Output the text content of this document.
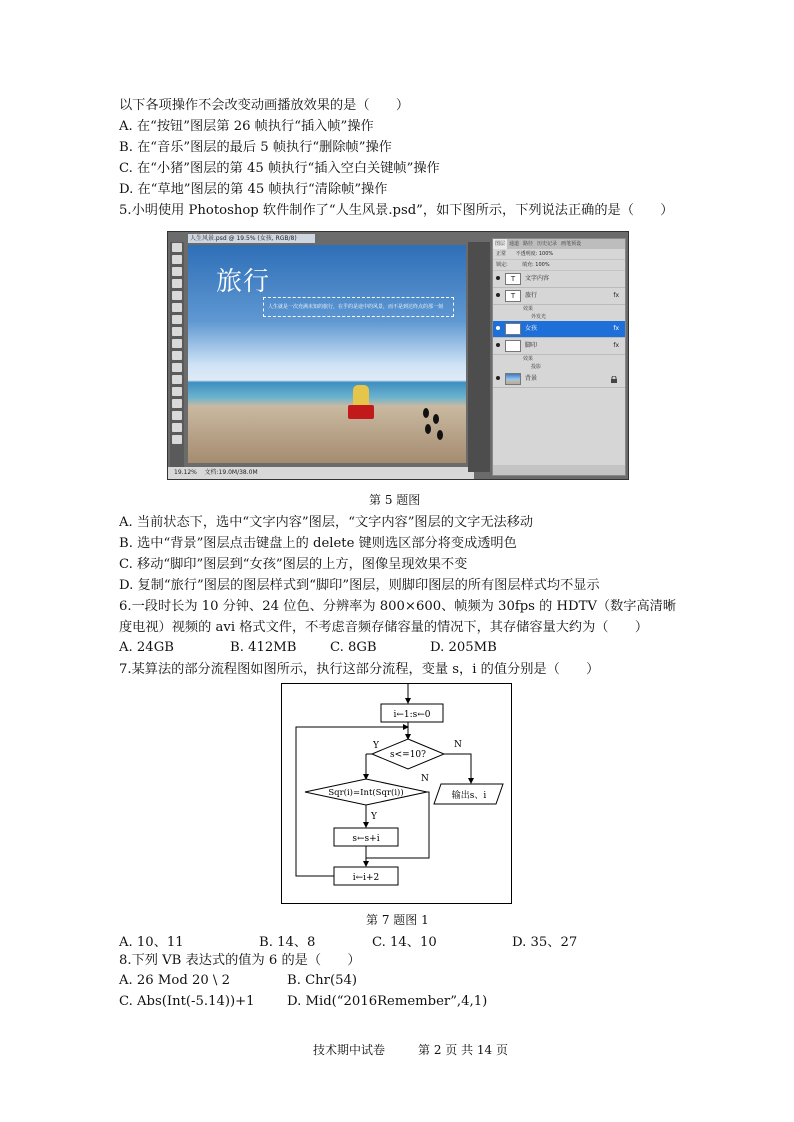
以下各项操作不会改变动画播放效果的是（　　）
A. 在“按钮”图层第 26 帧执行“插入帧”操作
B. 在“音乐”图层的最后 5 帧执行“删除帧”操作
C. 在“小猪”图层的第 45 帧执行“插入空白关键帧”操作
D. 在“草地”图层的第 45 帧执行“清除帧”操作
5.小明使用 Photoshop 软件制作了“人生风景.psd”，如下图所示，下列说法正确的是（　　）
人生风景.psd @ 19.5% (女孩, RGB/8)
旅行
人生就是一次充满未知的旅行，在乎的是途中的风景，而不是到达终点的那一刻
19.12% 文档:19.0M/38.0M
图层 通道 路径 历史记录 画笔预设
正常 不透明度: 100%
锁定:	填充: 100%
T	文字内容
T	旅行	fx
效果
外发光
女孩	fx
脚印	fx
效果
投影
背景
第 5 题图
A. 当前状态下，选中“文字内容”图层，“文字内容”图层的文字无法移动
B. 选中“背景”图层点击键盘上的 delete 键则选区部分将变成透明色
C. 移动“脚印”图层到“女孩”图层的上方，图像呈现效果不变
D. 复制“旅行”图层的图层样式到“脚印”图层，则脚印图层的所有图层样式均不显示
6.一段时长为 10 分钟、24 位色、分辨率为 800×600、帧频为 30fps 的 HDTV（数字高清晰
度电视）视频的 avi 格式文件，不考虑音频存储容量的情况下，其存储容量大约为（　　）
A. 24GB	B. 412MB	C. 8GB	D. 205MB
7.某算法的部分流程图如图所示，执行这部分流程，变量 s，i 的值分别是（　　）
i←1:s←0
s<=10?
Y	N
输出s、i
Sqr(i)=Int(Sqr(i))
N
Y
s←s+i
i←i+2
第 7 题图 1
A. 10、11	B. 14、8	C. 14、10	D. 35、27
8.下列 VB 表达式的值为 6 的是（　　）
A. 26 Mod 20 \ 2	B. Chr(54)
C. Abs(Int(-5.14))+1 D. Mid(“2016Remember”,4,1)
技术期中试卷	第 2 页 共 14 页
